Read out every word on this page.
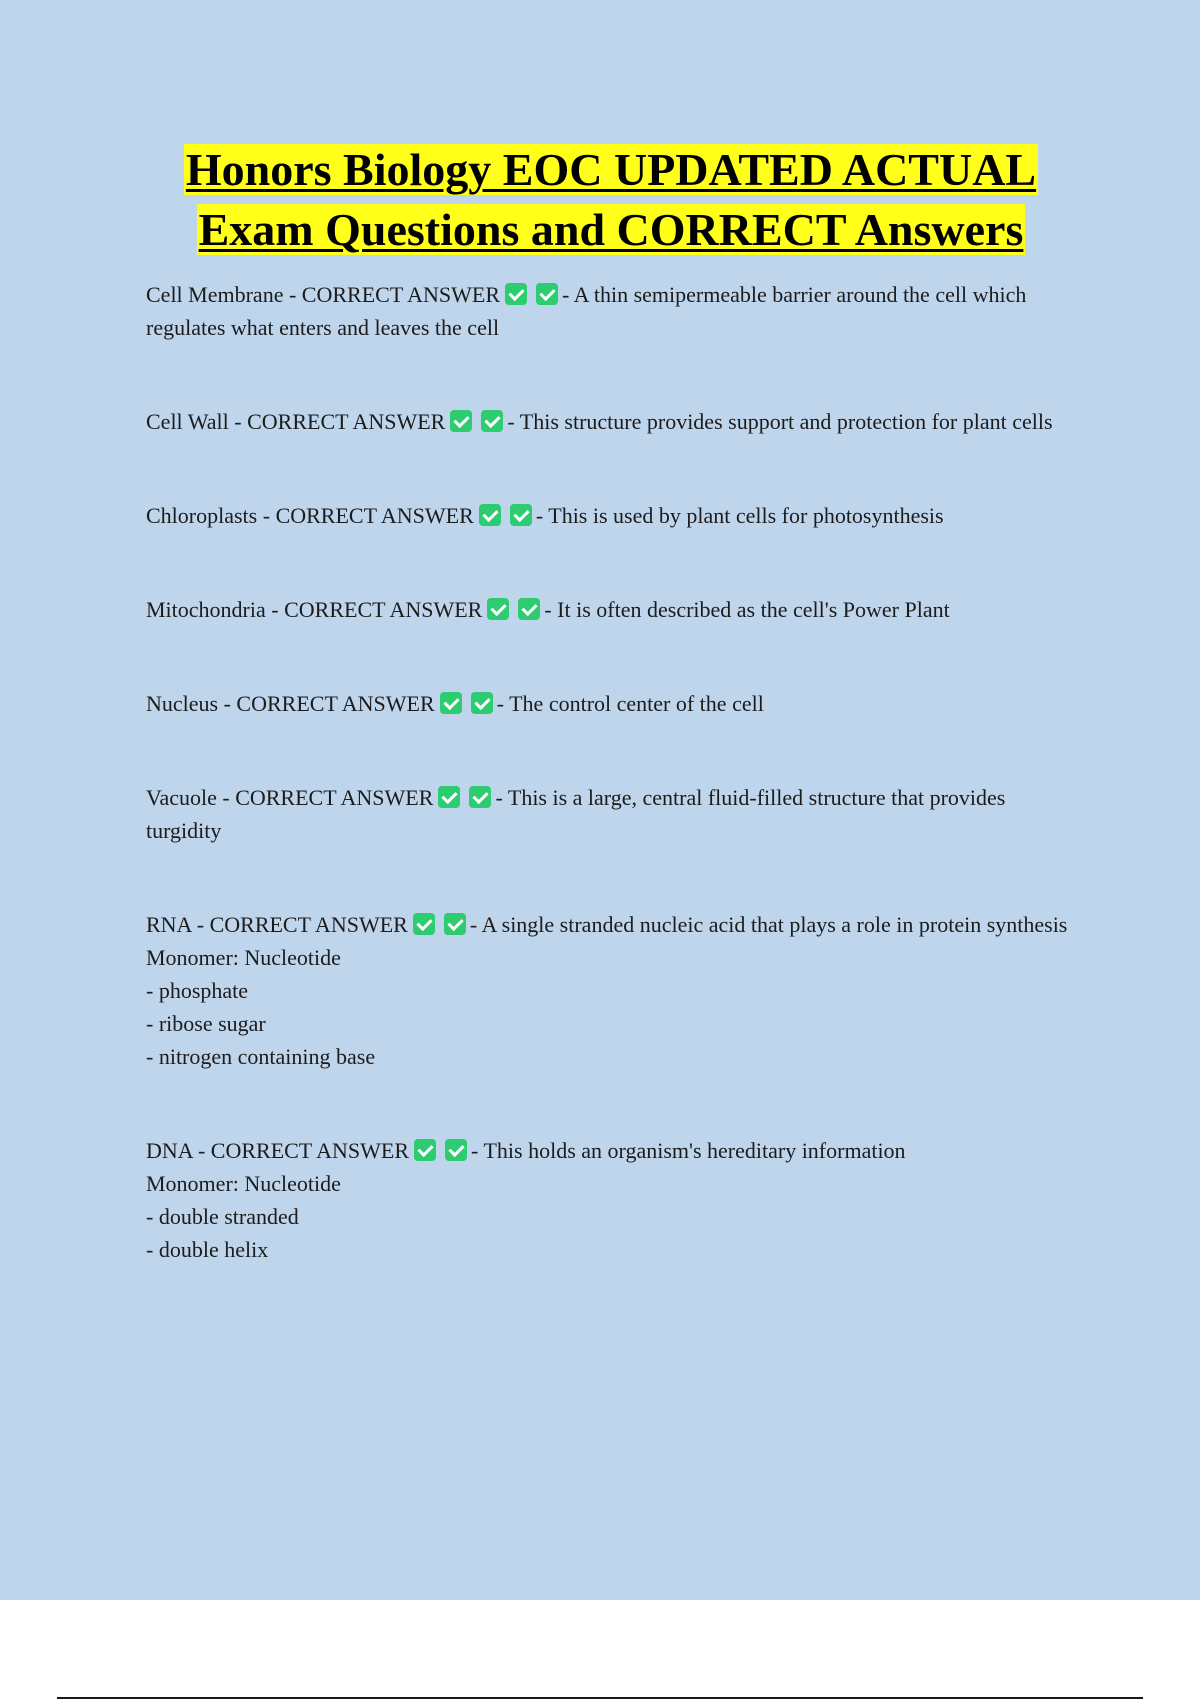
Honors Biology EOC UPDATED ACTUAL
Exam Questions and CORRECT Answers

Cell Membrane - CORRECT ANSWER	- A thin semipermeable barrier around the cell which regulates what enters and leaves the cell

Cell Wall - CORRECT ANSWER	- This structure provides support and protection for plant cells

Chloroplasts - CORRECT ANSWER	- This is used by plant cells for photosynthesis

Mitochondria - CORRECT ANSWER	- It is often described as the cell's Power Plant

Nucleus - CORRECT ANSWER	- The control center of the cell

Vacuole - CORRECT ANSWER	- This is a large, central fluid-filled structure that provides turgidity

RNA - CORRECT ANSWER	- A single stranded nucleic acid that plays a role in protein synthesis

Monomer: Nucleotide

- phosphate

- ribose sugar

- nitrogen containing base

DNA - CORRECT ANSWER	- This holds an organism's hereditary information

Monomer: Nucleotide

- double stranded

- double helix
